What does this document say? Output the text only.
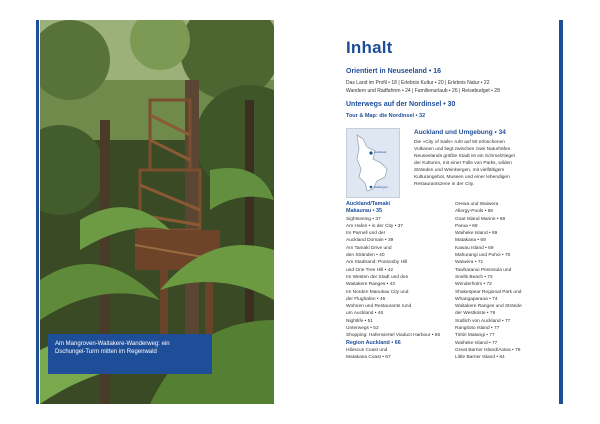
Am Mangroven-Waitakere-Wanderweg: ein
Dschungel-Turm mitten im Regenwald
Inhalt
Orientiert in Neuseeland • 16
Das Land im Profil • 18 | Erlebnis Kultur • 20 | Erlebnis Natur • 22
Wandern und Radfahren • 24 | Familienurlaub • 26 | Reisebudget • 28
Unterwegs auf der Nordinsel • 30
Tour & Map: die Nordinsel • 32
Auckland
Wellington
Auckland und Umgebung • 34
Die »City of Sails« ruht auf 50 erloschenen
Vulkanen und liegt zwischen zwei Naturhäfen.
Neuseelands größte Stadt ist ein Schmelztiegel
der Kulturen, mit einer Fülle von Parks, wilden
Stränden und Weinbergen, mit vielfältigem
Kulturangebot, Museen und einer lebendigen
Restaurantszene in der City.
Auckland/Tamaki
Makaurau • 35
Sightseeing • 37
Am Hafen • in der City • 37
Im Parnell und der
Auckland Domain • 39
Am Tamaki Drive und
den Stränden • 40
Am Stadtrand: Ponsonby Hill
und One Tree Hill • 42
Im Westen der Stadt und den
Waitakere Ranges • 43
Im Norden Manukau City und
der Flughafen • 45
Wohnen und Restaurants rund
um Auckland • 46
Nightlife • 51
Unterwegs • 52
Shopping: Hafenviertel Viaduct Harbour • 55
Region Auckland • 66
Hibiscus Coast und
Matakana Coast • 67
Orewa und Waiwera
Allergy-Pools • 68
Goat Island Marine • 68
Parua • 68
Waiheke Island • 69
Matakana • 69
Kawau Island • 69
Mahurangi und Puhoi • 70
Waiwera • 71
Tawharanui Peninsula und
Snells Beach • 72
Wenderholm • 72
Shakespear Regional Park und
Whangaparaoa • 74
Waitakere Ranges und Strände
der Westküste • 76
Südlich von Auckland • 77
Rangitoto Island • 77
Tiritiri Matangi • 77
Waiheke Island • 77
Great Barrier Island/Aotea • 79
Little Barrier Island • 84
